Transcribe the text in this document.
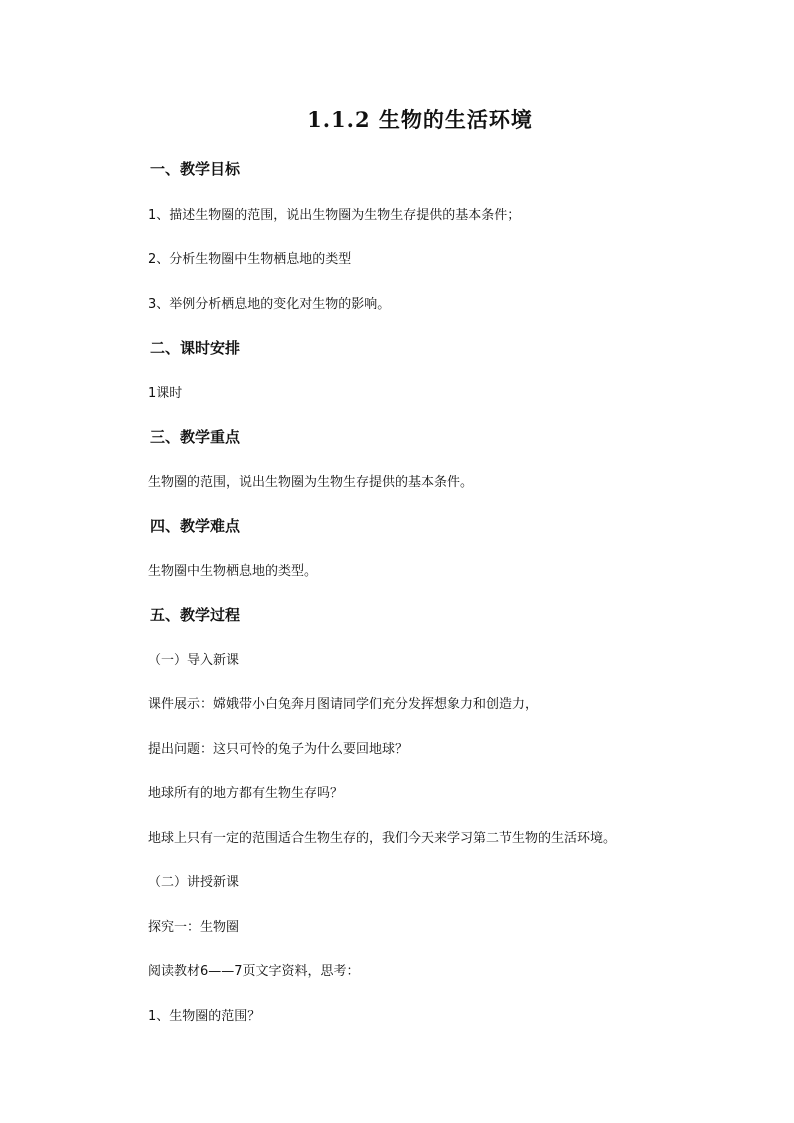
1.1.2 生物的生活环境
一、教学目标
1、描述生物圈的范围，说出生物圈为生物生存提供的基本条件；
2、分析生物圈中生物栖息地的类型
3、举例分析栖息地的变化对生物的影响。
二、课时安排
1课时
三、教学重点
生物圈的范围，说出生物圈为生物生存提供的基本条件。
四、教学难点
生物圈中生物栖息地的类型。
五、教学过程
（一）导入新课
课件展示：嫦娥带小白兔奔月图请同学们充分发挥想象力和创造力，
提出问题：这只可怜的兔子为什么要回地球？
地球所有的地方都有生物生存吗？
地球上只有一定的范围适合生物生存的，我们今天来学习第二节生物的生活环境。
（二）讲授新课
探究一：生物圈
阅读教材6——7页文字资料，思考：
1、生物圈的范围？
